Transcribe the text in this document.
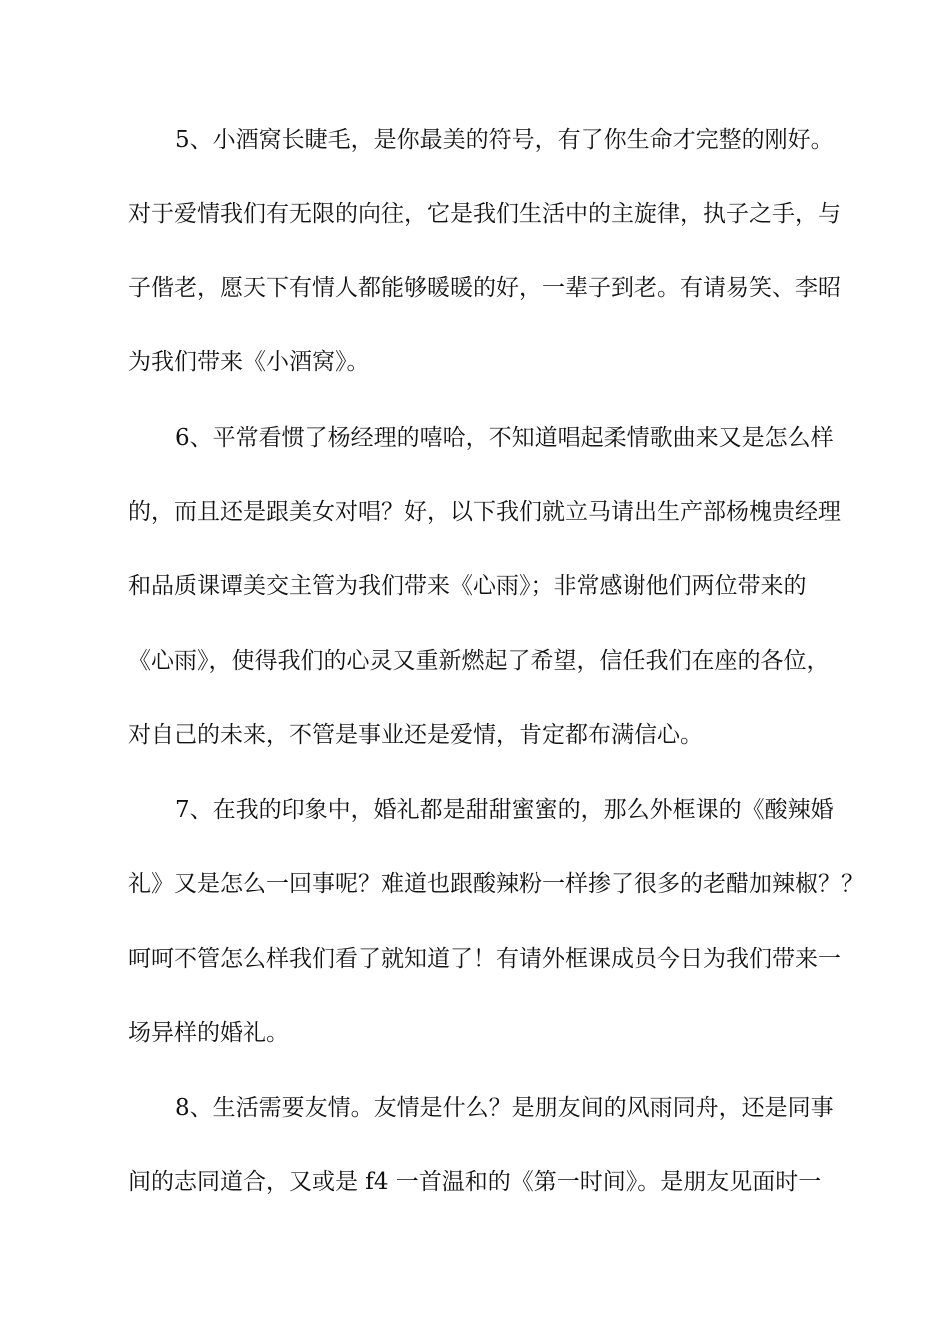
5、小酒窝长睫毛，是你最美的符号，有了你生命才完整的刚好。
对于爱情我们有无限的向往，它是我们生活中的主旋律，执子之手，与
子偕老，愿天下有情人都能够暖暖的好，一辈子到老。有请易笑、李昭
为我们带来《小酒窝》。
6、平常看惯了杨经理的嘻哈，不知道唱起柔情歌曲来又是怎么样
的，而且还是跟美女对唱？好，以下我们就立马请出生产部杨槐贵经理
和品质课谭美交主管为我们带来《心雨》；非常感谢他们两位带来的
《心雨》，使得我们的心灵又重新燃起了希望，信任我们在座的各位，
对自己的未来，不管是事业还是爱情，肯定都布满信心。
7、在我的印象中，婚礼都是甜甜蜜蜜的，那么外框课的《酸辣婚
礼》又是怎么一回事呢？难道也跟酸辣粉一样掺了很多的老醋加辣椒？？
呵呵不管怎么样我们看了就知道了！有请外框课成员今日为我们带来一
场异样的婚礼。
8、生活需要友情。友情是什么？是朋友间的风雨同舟，还是同事
间的志同道合，又或是 f4 一首温和的《第一时间》。是朋友见面时一
